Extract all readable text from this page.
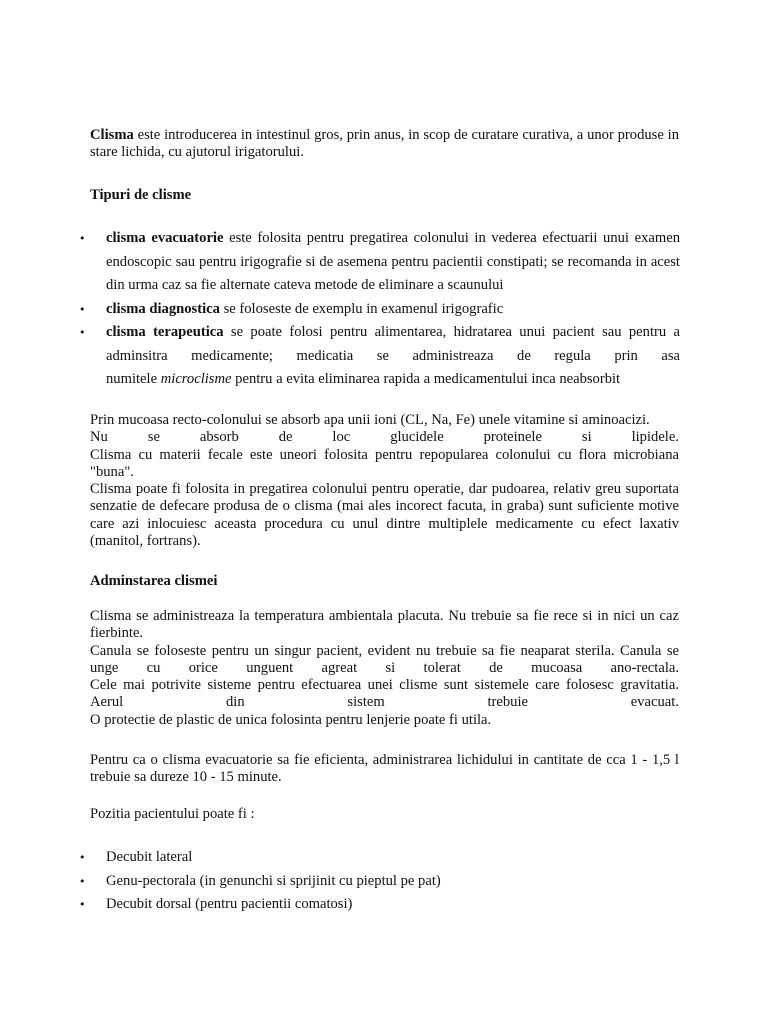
Clisma este introducerea in intestinul gros, prin anus, in scop de curatare curativa, a unor produse in stare lichida, cu ajutorul irigatorului.

Tipuri de clisme

• clisma evacuatorie este folosita pentru pregatirea colonului in vederea efectuarii unui examen endoscopic sau pentru irigografie si de asemena pentru pacientii constipati; se recomanda in acest din urma caz sa fie alternate cateva metode de eliminare a scaunului
• clisma diagnostica se foloseste de exemplu in examenul irigografic
• clisma terapeutica se poate folosi pentru alimentarea, hidratarea unui pacient sau pentru a
adminsitra medicamente; medicatia se administreaza de regula prin asa
numitele microclisme pentru a evita eliminarea rapida a medicamentului inca neabsorbit
Prin mucoasa recto-colonului se absorb apa unii ioni (CL, Na, Fe) unele vitamine si aminoacizi.
Nu se absorb de loc glucidele proteinele si lipidele.
Clisma cu materii fecale este uneori folosita pentru repopularea colonului cu flora microbiana "buna".
Clisma poate fi folosita in pregatirea colonului pentru operatie, dar pudoarea, relativ greu suportata senzatie de defecare produsa de o clisma (mai ales incorect facuta, in graba) sunt suficiente motive care azi inlocuiesc aceasta procedura cu unul dintre multiplele medicamente cu efect laxativ (manitol, fortrans).

Adminstarea clismei

Clisma se administreaza la temperatura ambientala placuta. Nu trebuie sa fie rece si in nici un caz fierbinte.
Canula se foloseste pentru un singur pacient, evident nu trebuie sa fie neaparat sterila. Canula se unge cu orice unguent agreat si tolerat de mucoasa ano-rectala.
Cele mai potrivite sisteme pentru efectuarea unei clisme sunt sistemele care folosesc gravitatia. Aerul din sistem trebuie evacuat.
O protectie de plastic de unica folosinta pentru lenjerie poate fi utila.

Pentru ca o clisma evacuatorie sa fie eficienta, administrarea lichidului in cantitate de cca 1 - 1,5 l trebuie sa dureze 10 - 15 minute.

Pozitia pacientului poate fi :

• Decubit lateral
• Genu-pectorala (in genunchi si sprijinit cu pieptul pe pat)
• Decubit dorsal (pentru pacientii comatosi)
